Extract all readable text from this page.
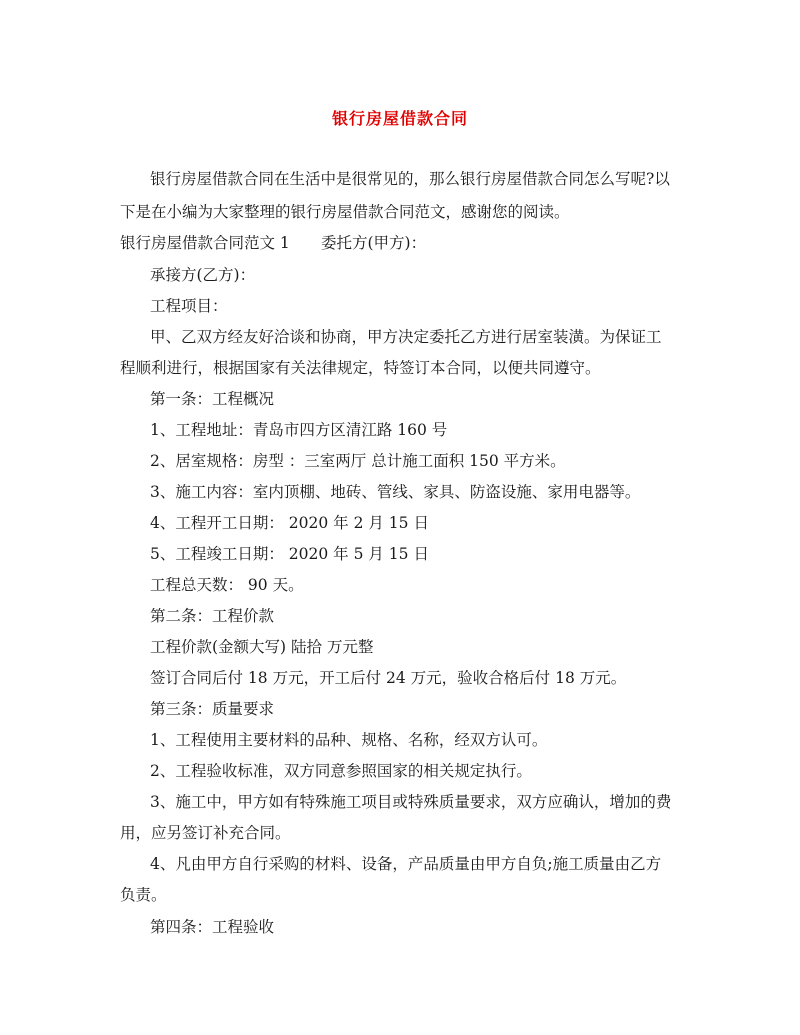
银行房屋借款合同
银行房屋借款合同在生活中是很常见的，那么银行房屋借款合同怎么写呢?以
下是在小编为大家整理的银行房屋借款合同范文，感谢您的阅读。
银行房屋借款合同范文 1 委托方(甲方)：
承接方(乙方)：
工程项目：
甲、乙双方经友好洽谈和协商，甲方决定委托乙方进行居室装潢。为保证工
程顺利进行，根据国家有关法律规定，特签订本合同，以便共同遵守。
第一条：工程概况
1、工程地址：青岛市四方区清江路 160 号
2、居室规格：房型 ：三室两厅 总计施工面积 150 平方米。
3、施工内容：室内顶棚、地砖、管线、家具、防盗设施、家用电器等。
4、工程开工日期： 2020 年 2 月 15 日
5、工程竣工日期： 2020 年 5 月 15 日
工程总天数： 90 天。
第二条：工程价款
工程价款(金额大写) 陆拾 万元整
签订合同后付 18 万元，开工后付 24 万元，验收合格后付 18 万元。
第三条：质量要求
1、工程使用主要材料的品种、规格、名称，经双方认可。
2、工程验收标准，双方同意参照国家的相关规定执行。
3、施工中，甲方如有特殊施工项目或特殊质量要求，双方应确认，增加的费
用，应另签订补充合同。
4、凡由甲方自行采购的材料、设备，产品质量由甲方自负;施工质量由乙方
负责。
第四条：工程验收
